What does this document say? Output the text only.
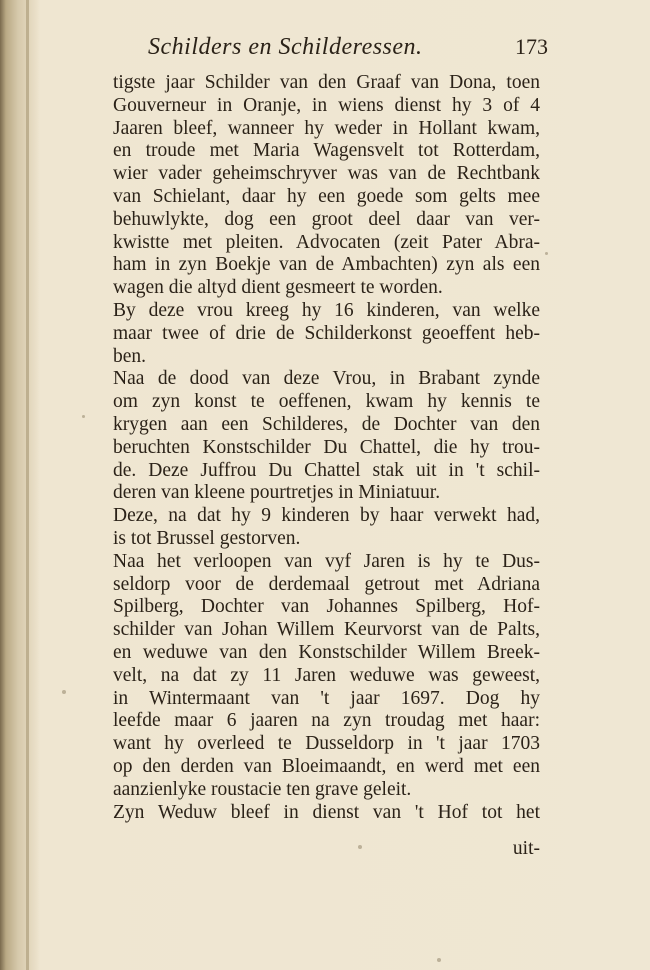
Schilders en Schilderessen.	173
tigste jaar Schilder van den Graaf van Dona, toen
Gouverneur in Oranje, in wiens dienst hy 3 of 4
Jaaren bleef, wanneer hy weder in Hollant kwam,
en troude met Maria Wagensvelt tot Rotterdam,
wier vader geheimschryver was van de Rechtbank
van Schielant, daar hy een goede som gelts mee
behuwlykte, dog een groot deel daar van ver-
kwistte met pleiten. Advocaten (zeit Pater Abra-
ham in zyn Boekje van de Ambachten) zyn als een
wagen die altyd dient gesmeert te worden.
By deze vrou kreeg hy 16 kinderen, van welke
maar twee of drie de Schilderkonst geoeffent heb-
ben.
Naa de dood van deze Vrou, in Brabant zynde
om zyn konst te oeffenen, kwam hy kennis te
krygen aan een Schilderes, de Dochter van den
beruchten Konstschilder Du Chattel, die hy trou-
de. Deze Juffrou Du Chattel stak uit in 't schil-
deren van kleene pourtretjes in Miniatuur.
Deze, na dat hy 9 kinderen by haar verwekt had,
is tot Brussel gestorven.
Naa het verloopen van vyf Jaren is hy te Dus-
seldorp voor de derdemaal getrout met Adriana
Spilberg, Dochter van Johannes Spilberg, Hof-
schilder van Johan Willem Keurvorst van de Palts,
en weduwe van den Konstschilder Willem Breek-
velt, na dat zy 11 Jaren weduwe was geweest,
in Wintermaant van 't jaar 1697. Dog hy
leefde maar 6 jaaren na zyn troudag met haar:
want hy overleed te Dusseldorp in 't jaar 1703
op den derden van Bloeimaandt, en werd met een
aanzienlyke roustacie ten grave geleit.
Zyn Weduw bleef in dienst van 't Hof tot het
uit-
